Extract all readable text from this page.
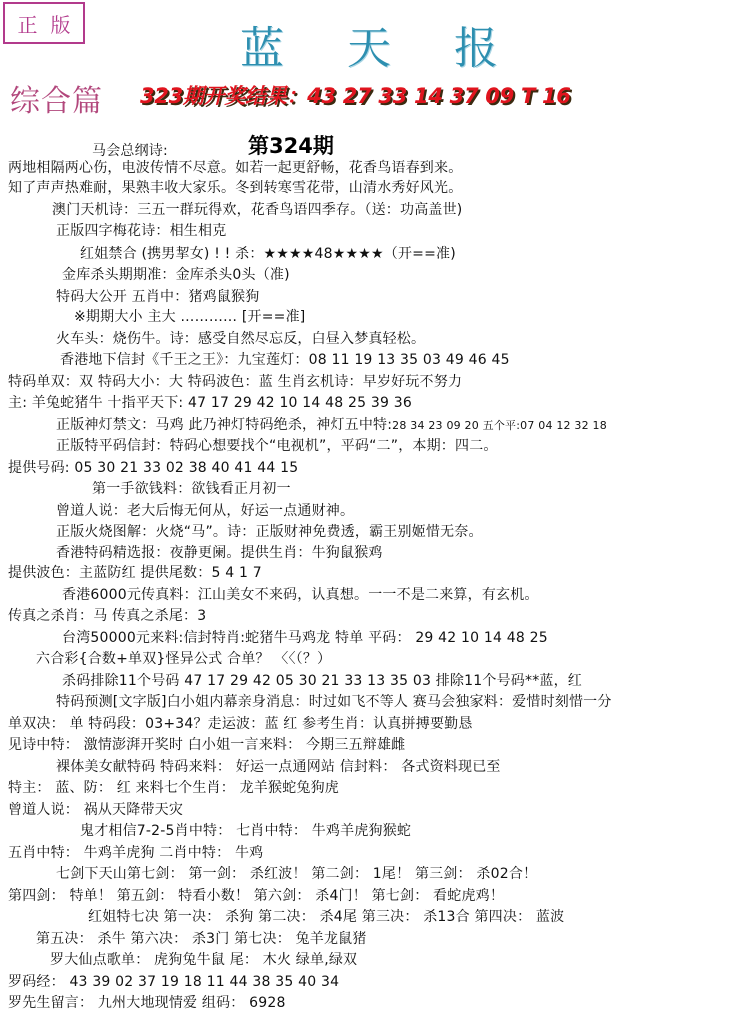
正 版	蓝 天 报
综合篇 323期开奖结果：43 27 33 14 37 09 T 16
第324期
马会总纲诗:
两地相隔两心伤，电波传情不尽意。如若一起更舒畅，花香鸟语春到来。
知了声声热难耐，果熟丰收大家乐。冬到转寒雪花带，山清水秀好风光。
澳门天机诗：三五一群玩得欢，花香鸟语四季存。（送：功高盖世)
正版四字梅花诗：相生相克
红姐禁合 (携男挈女) ! ! 杀：★★★★48★★★★（开==准)
金库杀头期期准：金库杀头0头（准)
特码大公开 五肖中：猪鸡鼠猴狗
※期期大小 主大 ………… [开==准]
火车头：烧伤牛。诗：感受自然尽忘反，白昼入梦真轻松。
香港地下信封《千王之王》：九宝莲灯：08 11 19 13 35 03 49 46 45
特码单双：双 特码大小：大 特码波色：蓝 生肖玄机诗：早岁好玩不努力
主: 羊兔蛇猪牛 十指平天下: 47 17 29 42 10 14 48 25 39 36
正版神灯禁文：马鸡 此乃神灯特码绝杀，神灯五中特:28 34 23 09 20 五个平:07 04 12 32 18
正版特平码信封：特码心想要找个“电视机”，平码“二”，本期：四二。
提供号码: 05 30 21 33 02 38 40 41 44 15
第一手欲钱料：欲钱看正月初一
曾道人说：老大后悔无何从，好运一点通财神。
正版火烧图解：火烧“马”。诗：正版财神免费透，霸王别姬惜无奈。
香港特码精选报：夜静更阑。提供生肖：牛狗鼠猴鸡
提供波色：主蓝防红 提供尾数：5 4 1 7
香港6000元传真料：江山美女不来码，认真想。一一不是二来算，有玄机。
传真之杀肖：马 传真之杀尾：3
台湾50000元来料:信封特肖:蛇猪牛马鸡龙 特单 平码： 29 42 10 14 48 25
六合彩{合数+单双}怪异公式 合单？ 〈〈（？）
杀码排除11个号码 47 17 29 42 05 30 21 33 13 35 03 排除11个号码**蓝，红
特码预测[文字版]白小姐内幕亲身消息：时过如飞不等人 赛马会独家料：爱惜时刻惜一分
单双决： 单 特码段：03+34？走运波：蓝 红 参考生肖：认真拼搏要勤恳
见诗中特： 激情澎湃开奖时 白小姐一言来料： 今期三五辩雄雌
裸体美女献特码 特码来料： 好运一点通网站 信封料： 各式资料现已至
特主： 蓝、防： 红 来料七个生肖： 龙羊猴蛇兔狗虎
曾道人说： 祸从天降带天灾
鬼才相信7-2-5肖中特： 七肖中特： 牛鸡羊虎狗猴蛇
五肖中特： 牛鸡羊虎狗 二肖中特： 牛鸡
七剑下天山第七剑： 第一剑： 杀红波！ 第二剑： 1尾！ 第三剑： 杀02合！
第四剑： 特单！ 第五剑： 特看小数！ 第六剑： 杀4门！ 第七剑： 看蛇虎鸡！
红姐特七决 第一决： 杀狗 第二决： 杀4尾 第三决： 杀13合 第四决： 蓝波
第五决： 杀牛 第六决： 杀3门 第七决： 兔羊龙鼠猪
罗大仙点歌单： 虎狗兔牛鼠 尾： 木火 绿单,绿双
罗码经： 43 39 02 37 19 18 11 44 38 35 40 34
罗先生留言： 九州大地现情爱 组码： 6928
